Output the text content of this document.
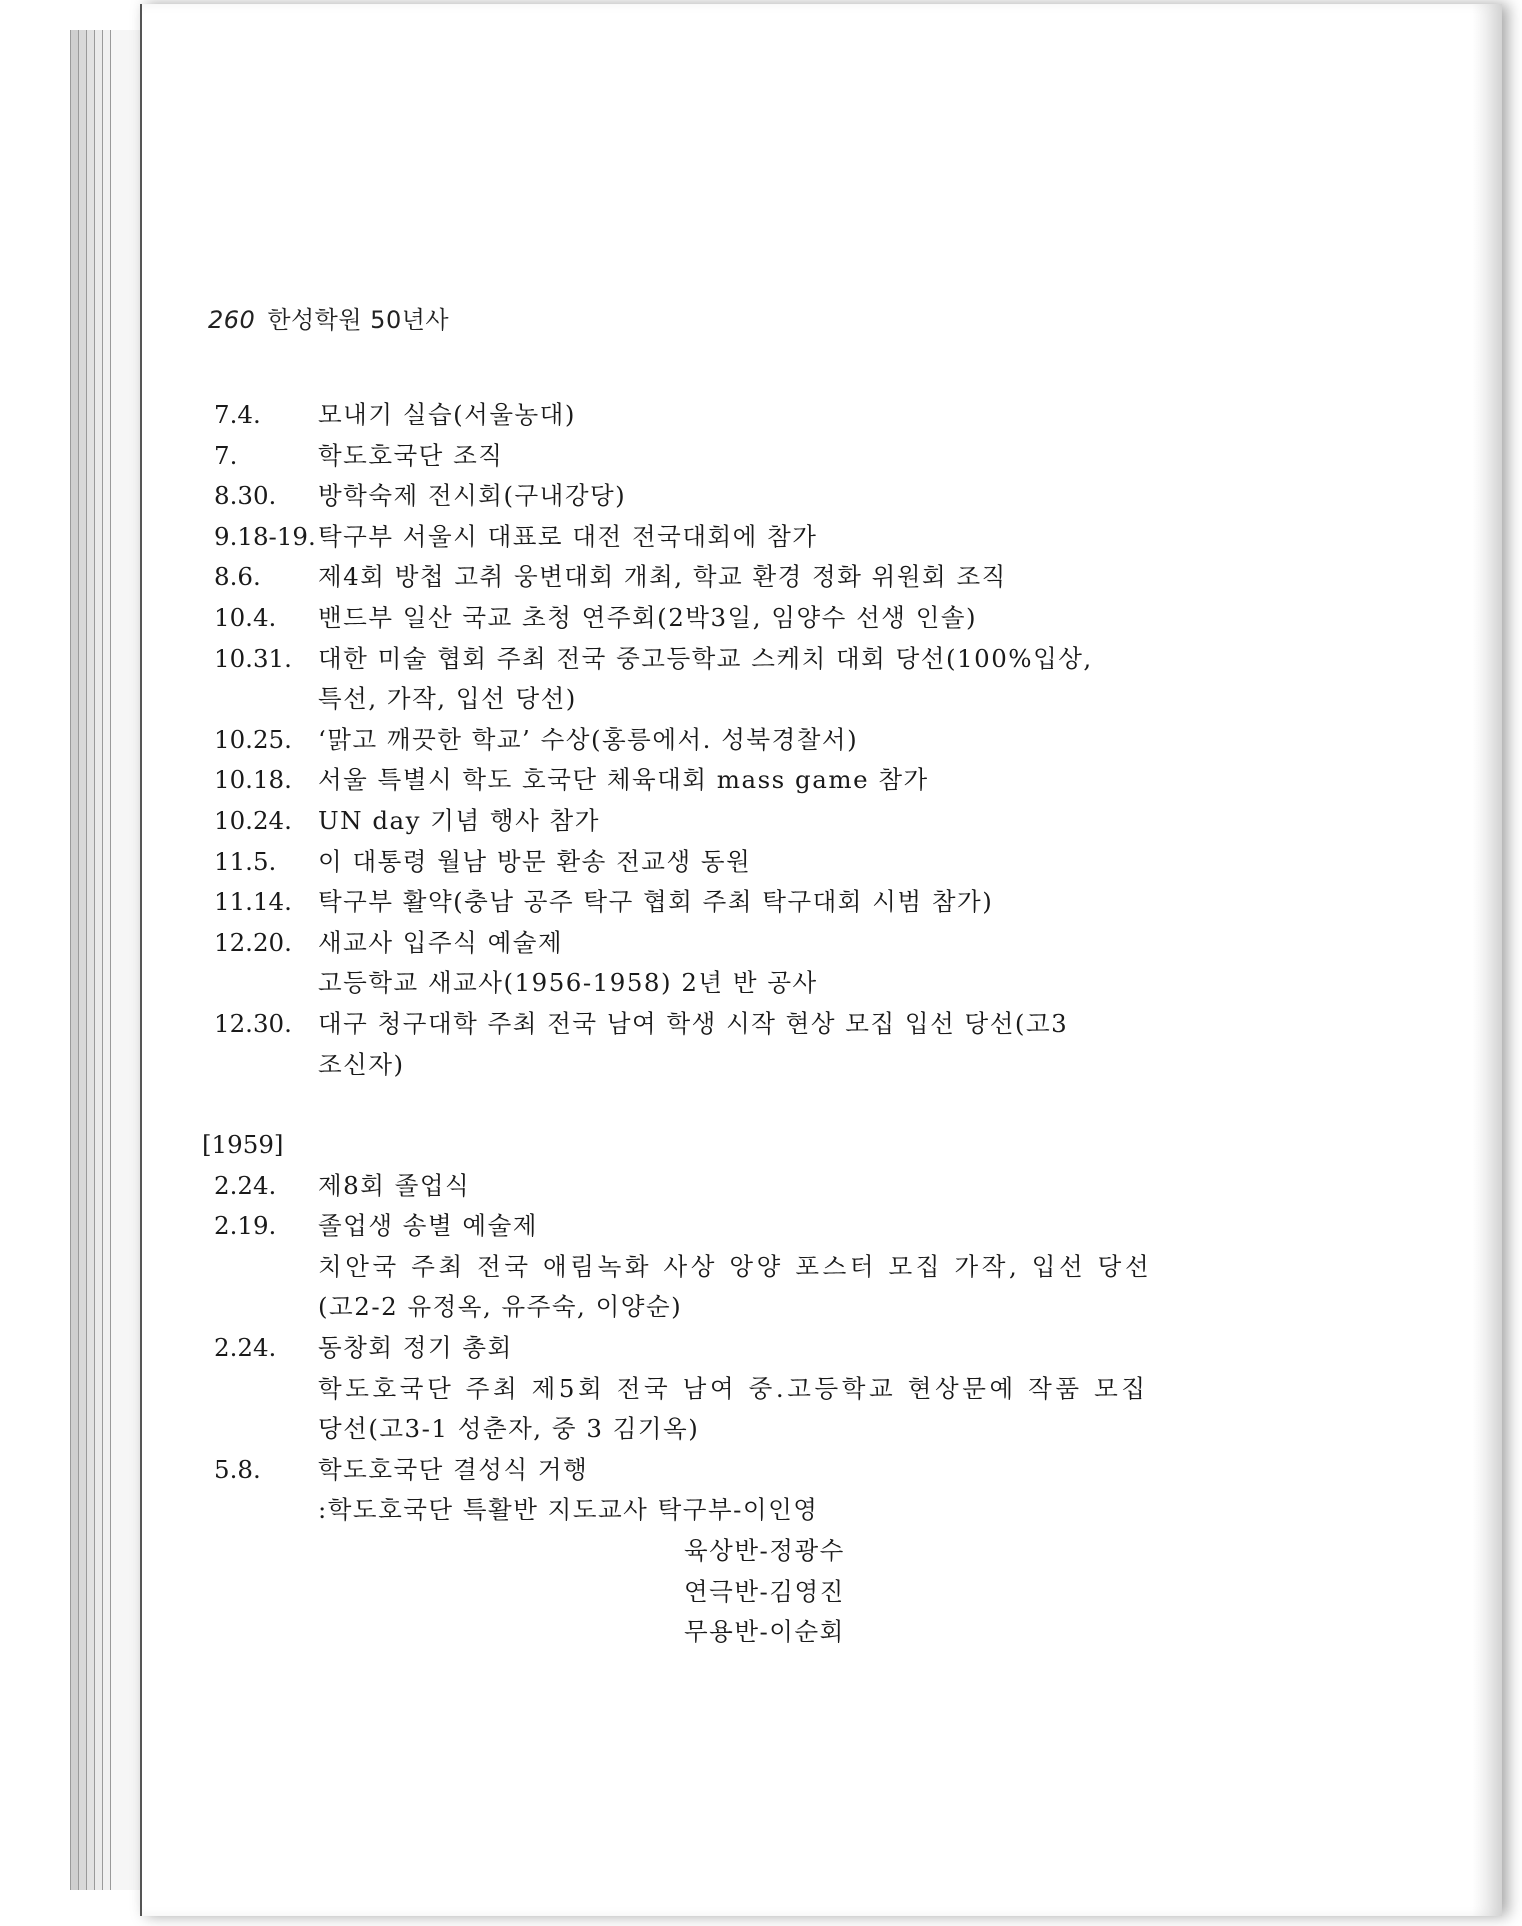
260 한성학원 50년사
7.4.	모내기 실습(서울농대)
7.	학도호국단 조직
8.30.	방학숙제 전시회(구내강당)
9.18-19. 탁구부 서울시 대표로 대전 전국대회에 참가
8.6.	제4회 방첩 고취 웅변대회 개최, 학교 환경 정화 위원회 조직
10.4.	밴드부 일산 국교 초청 연주회(2박3일, 임양수 선생 인솔)
10.31.	대한 미술 협회 주최 전국 중고등학교 스케치 대회 당선(100%입상,
특선, 가작, 입선 당선)
10.25.	‘맑고 깨끗한 학교’ 수상(홍릉에서. 성북경찰서)
10.18.	서울 특별시 학도 호국단 체육대회 mass game 참가
10.24.	UN day 기념 행사 참가
11.5.	이 대통령 월남 방문 환송 전교생 동원
11.14.	탁구부 활약(충남 공주 탁구 협회 주최 탁구대회 시범 참가)
12.20.	새교사 입주식 예술제
고등학교 새교사(1956-1958) 2년 반 공사
12.30.	대구 청구대학 주최 전국 남여 학생 시작 현상 모집 입선 당선(고3
조신자)
[1959]
2.24.	제8회 졸업식
2.19.	졸업생 송별 예술제
치안국 주최 전국 애림녹화 사상 앙양 포스터 모집 가작, 입선 당선
(고2-2 유정옥, 유주숙, 이양순)
2.24.	동창회 정기 총회
학도호국단 주최 제5회 전국 남여 중.고등학교 현상문예 작품 모집
당선(고3-1 성춘자, 중 3 김기옥)
5.8.	학도호국단 결성식 거행
:학도호국단 특활반 지도교사 탁구부-이인영
육상반-정광수
연극반-김영진
무용반-이순회
